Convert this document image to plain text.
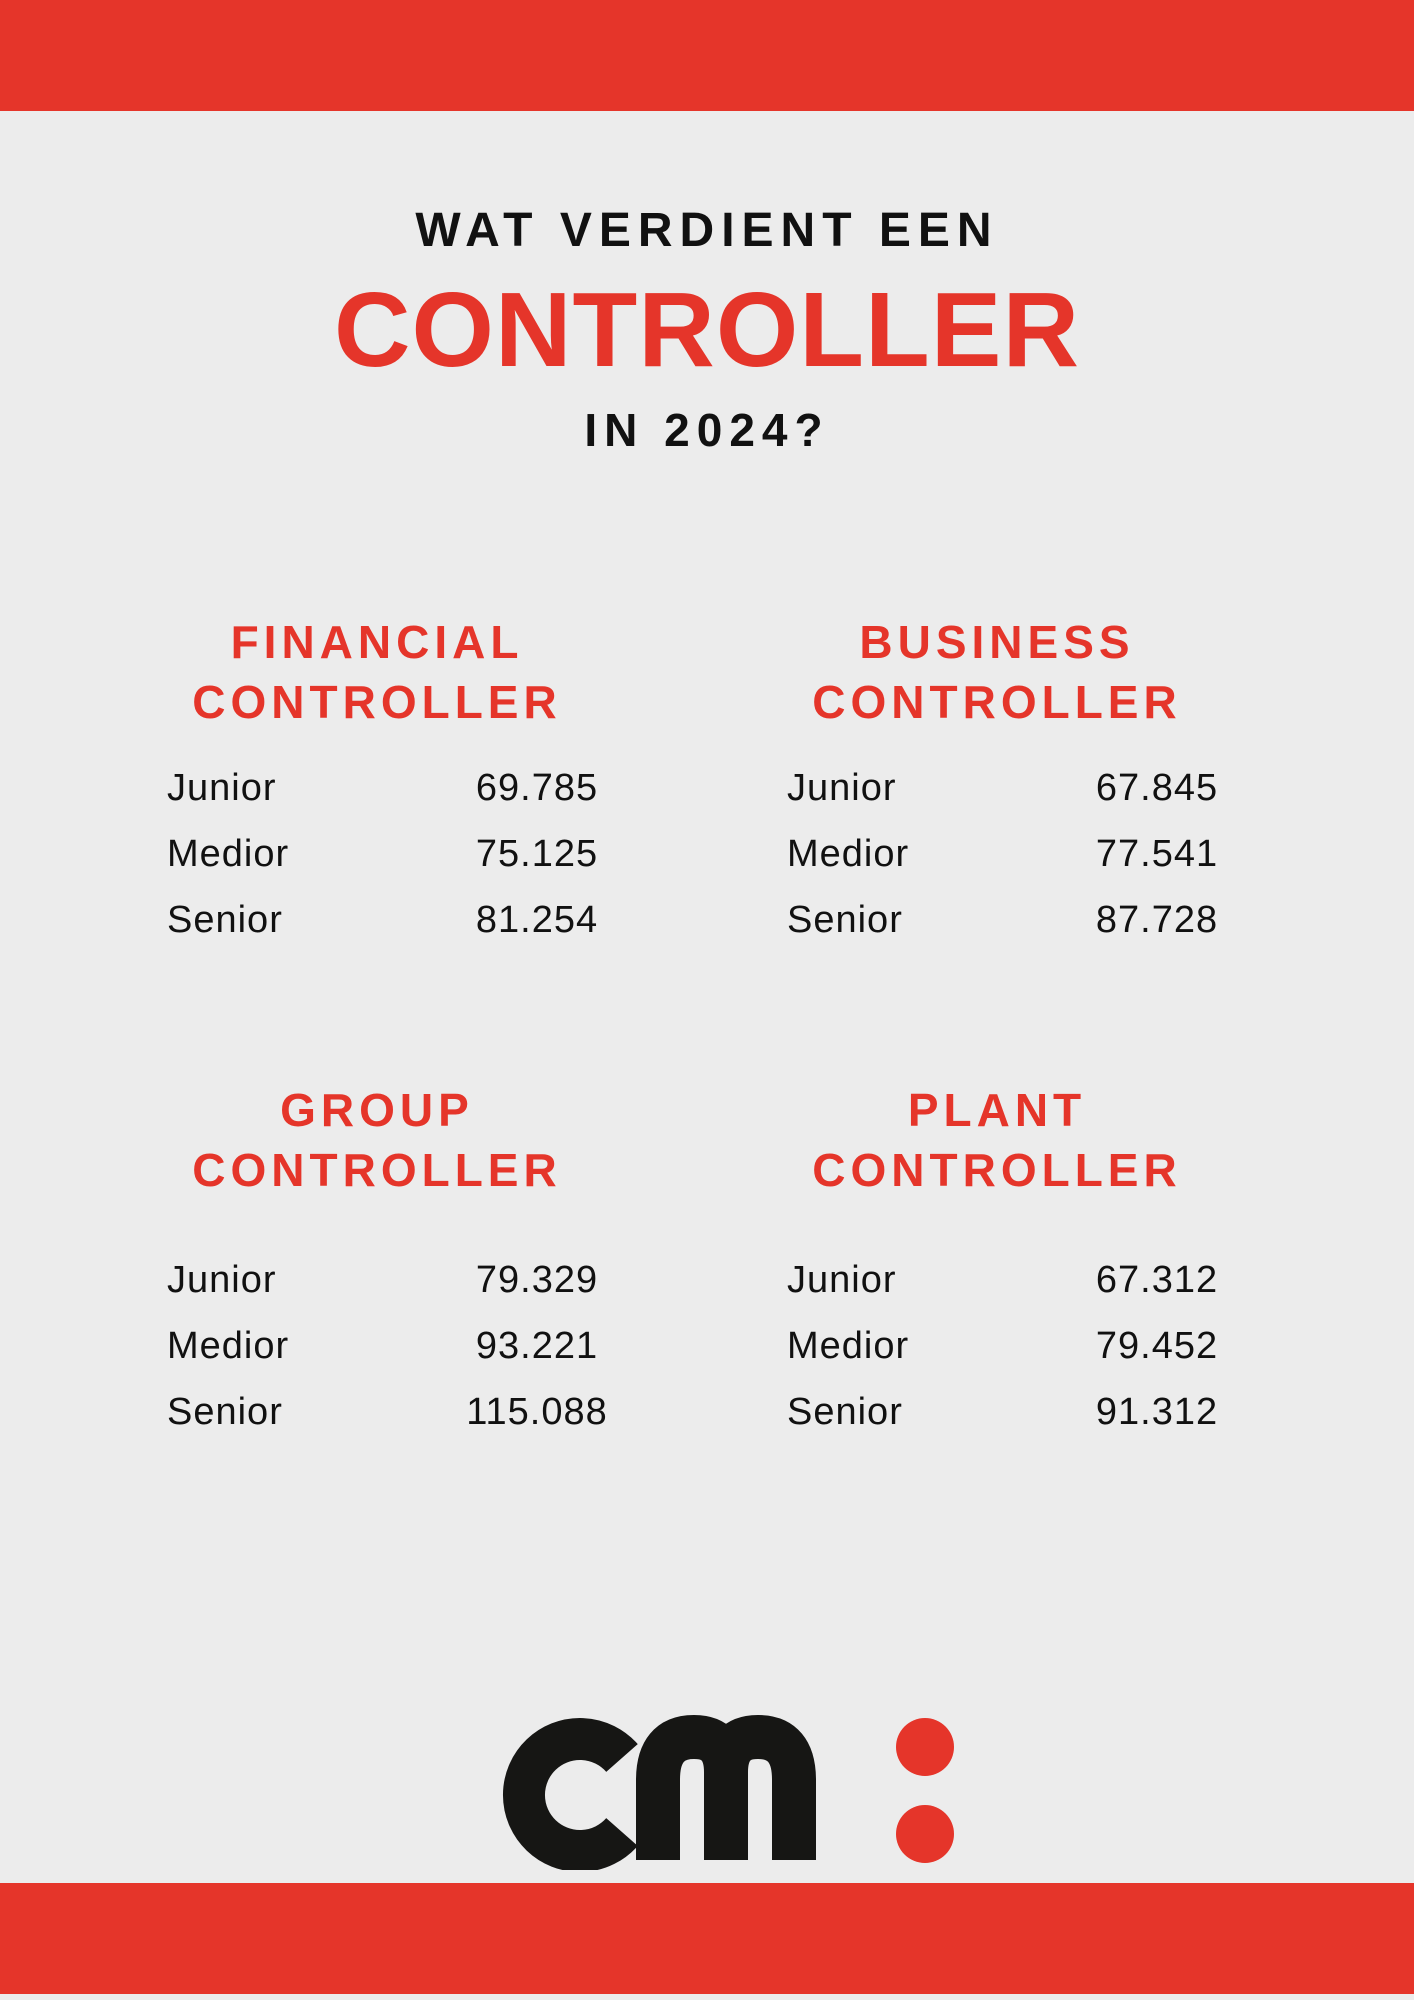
WAT VERDIENT EEN
CONTROLLER
IN 2024?
FINANCIAL
CONTROLLER
Junior	69.785
Medior	75.125
Senior	81.254
BUSINESS
CONTROLLER
Junior	67.845
Medior	77.541
Senior	87.728
GROUP
CONTROLLER
Junior	79.329
Medior	93.221
Senior	115.088
PLANT
CONTROLLER
Junior	67.312
Medior	79.452
Senior	91.312
